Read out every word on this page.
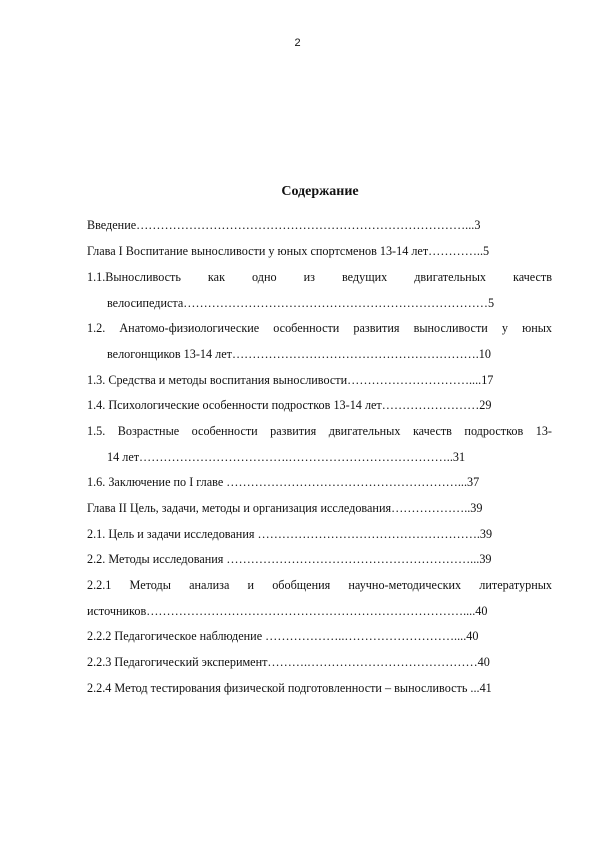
2
Содержание
Введение………………………………………………………………………...3
Глава I Воспитание выносливости у юных спортсменов 13-14 лет…………..5
1.1.Выносливость как одно из ведущих двигательных качеств
велосипедиста…………………………………………………………………5
1.2. Анатомо-физиологические особенности развития выносливости у юных
велогонщиков 13-14 лет…………………………………………………….10
1.3. Средства и методы воспитания выносливости…………………………....17
1.4. Психологические особенности подростков 13-14 лет……………………29
1.5. Возрастные особенности развития двигательных качеств подростков 13-
14 лет……………………………….…………………………………..31
1.6. Заключение по I главе …………………………………………………...37
Глава II Цель, задачи, методы и организация исследования………………..39
2.1. Цель и задачи исследования ……………………………………………….39
2.2. Методы исследования ……………………………………………………...39
2.2.1 Методы анализа и обобщения научно-методических литературных
источников……………………………………………………………………....40
2.2.2 Педагогическое наблюдение ………………..………………………....40
2.2.3 Педагогический эксперимент……….……………………………………40
2.2.4 Метод тестирования физической подготовленности – выносливость ...41
